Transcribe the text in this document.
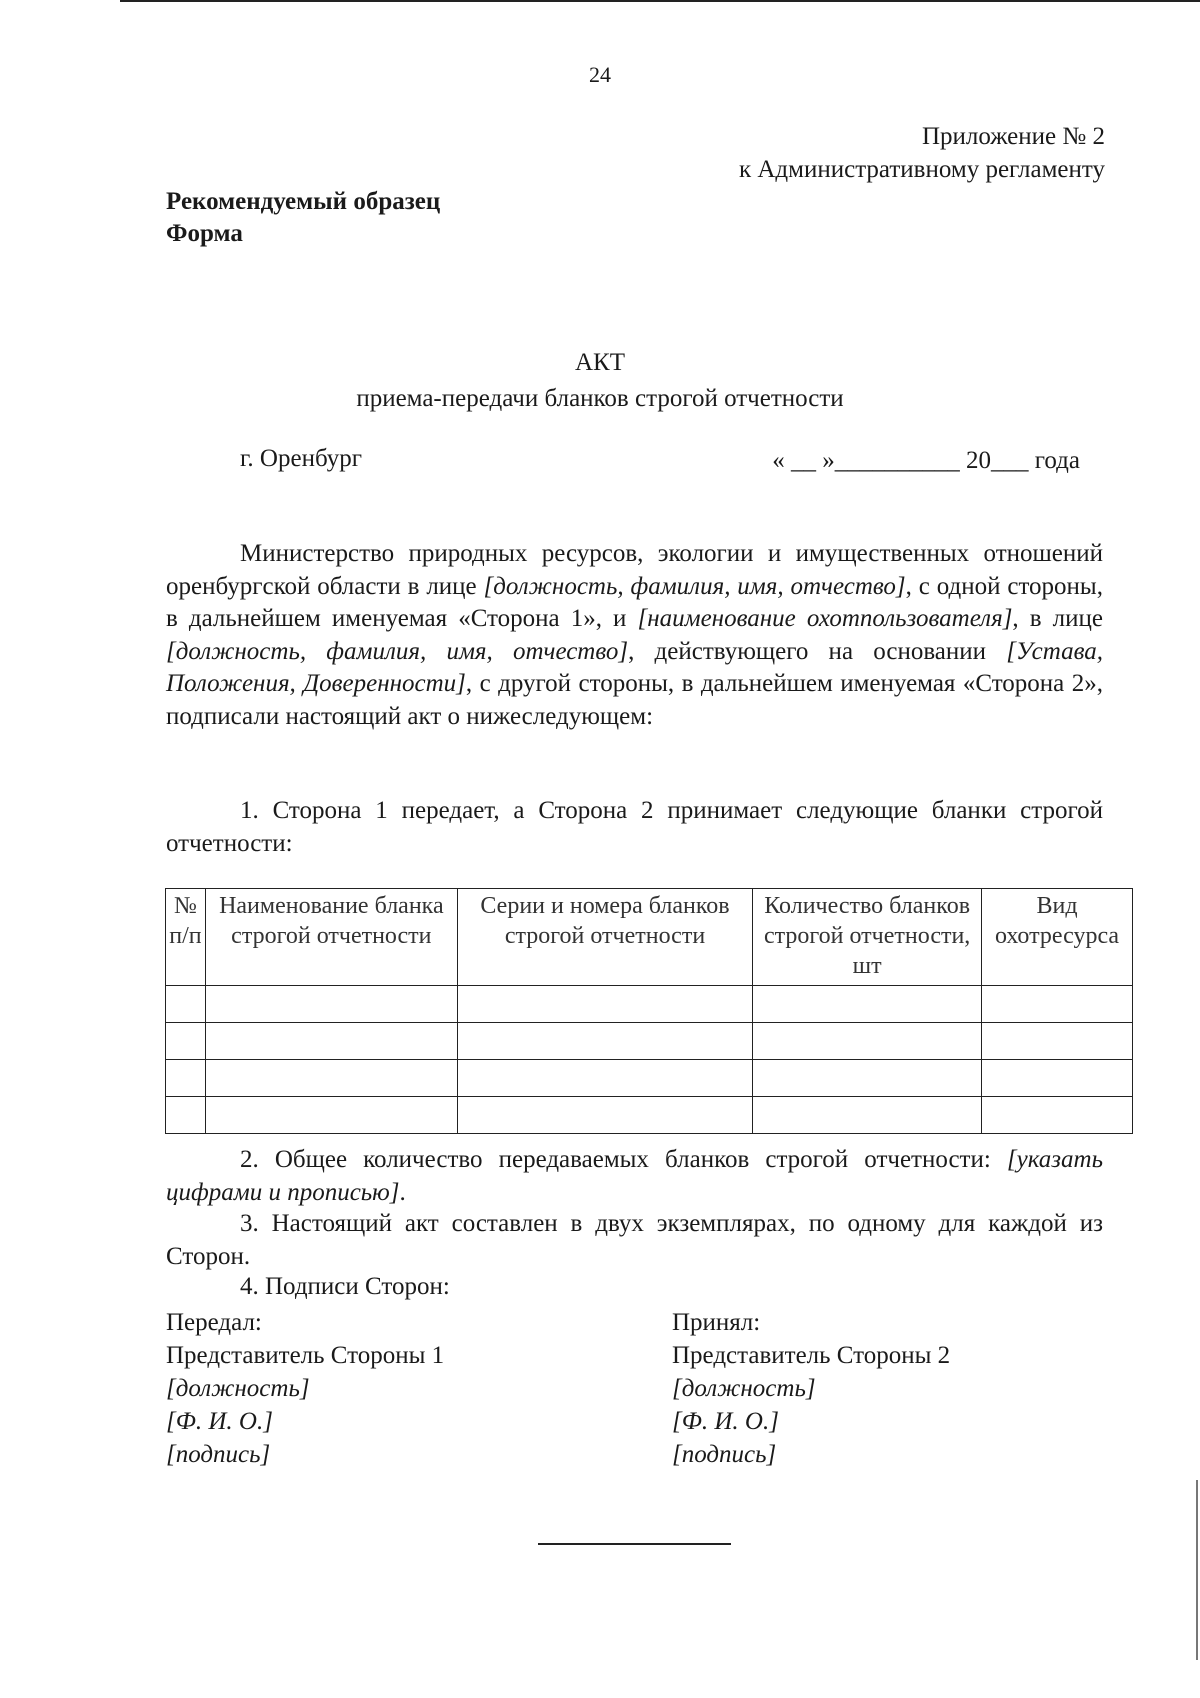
24
Приложение № 2
к Административному регламенту
Рекомендуемый образец
Форма
АКТ
приема-передачи бланков строгой отчетности
г. Оренбург	« __ »__________ 20___ года
Министерство природных ресурсов, экологии и имущественных отношений оренбургской области в лице [должность, фамилия, имя, отчество], с одной стороны, в дальнейшем именуемая «Сторона 1», и [наименование охотпользователя], в лице [должность, фамилия, имя, отчество], действующего на основании [Устава, Положения, Доверенности], с другой стороны, в дальнейшем именуемая «Сторона 2», подписали настоящий акт о нижеследующем:
1. Сторона 1 передает, а Сторона 2 принимает следующие бланки строгой отчетности:
№ п/п	Наименование бланка строгой отчетности	Серии и номера бланков строгой отчетности	Количество бланков строгой отчетности, шт	Вид охотресурса

2. Общее количество передаваемых бланков строгой отчетности: [указать цифрами и прописью].
3. Настоящий акт составлен в двух экземплярах, по одному для каждой из Сторон.
4. Подписи Сторон:
Передал:
Представитель Стороны 1
[должность]
[Ф. И. О.]
[подпись]
Принял:
Представитель Стороны 2
[должность]
[Ф. И. О.]
[подпись]
